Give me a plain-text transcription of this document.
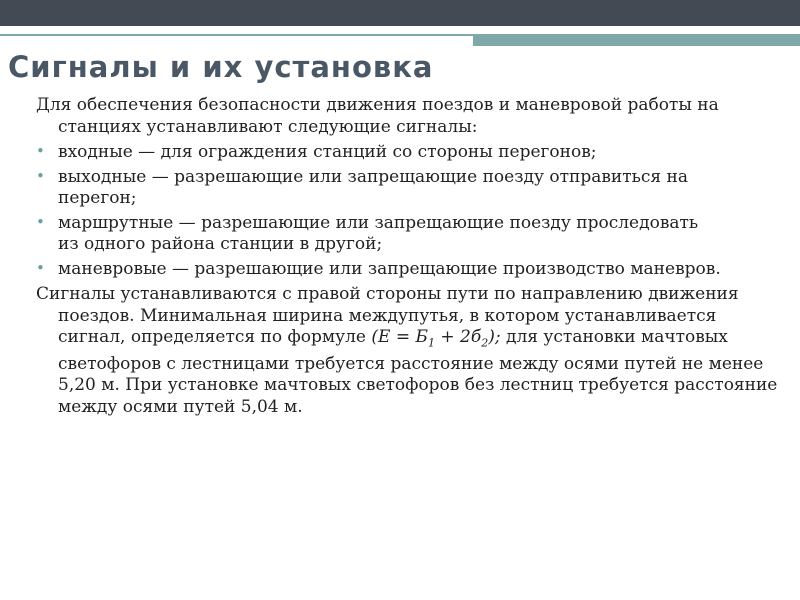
Сигналы и их установка

Для обеспечения безопасности движения поездов и маневровой работы на станциях устанавливают следующие сигналы:

• входные — для ограждения станций со стороны перегонов;
• выходные — разрешающие или запрещающие поезду отправиться на
перегон;
• маршрутные — разрешающие или запрещающие поезду проследовать
из одного района станции в другой;
• маневровые — разрешающие или запрещающие производство маневров.

Сигналы устанавливаются с правой стороны пути по направлению движения поездов. Минимальная ширина междупутья, в котором устанавливается сигнал, определяется по формуле $(Е = Б_1 + 2б_2)$; для установки мачтовых светофоров с лестницами требуется расстояние между осями путей не менее 5,20 м. При установке мачтовых светофоров без лестниц требуется расстояние между осями путей 5,04 м.
